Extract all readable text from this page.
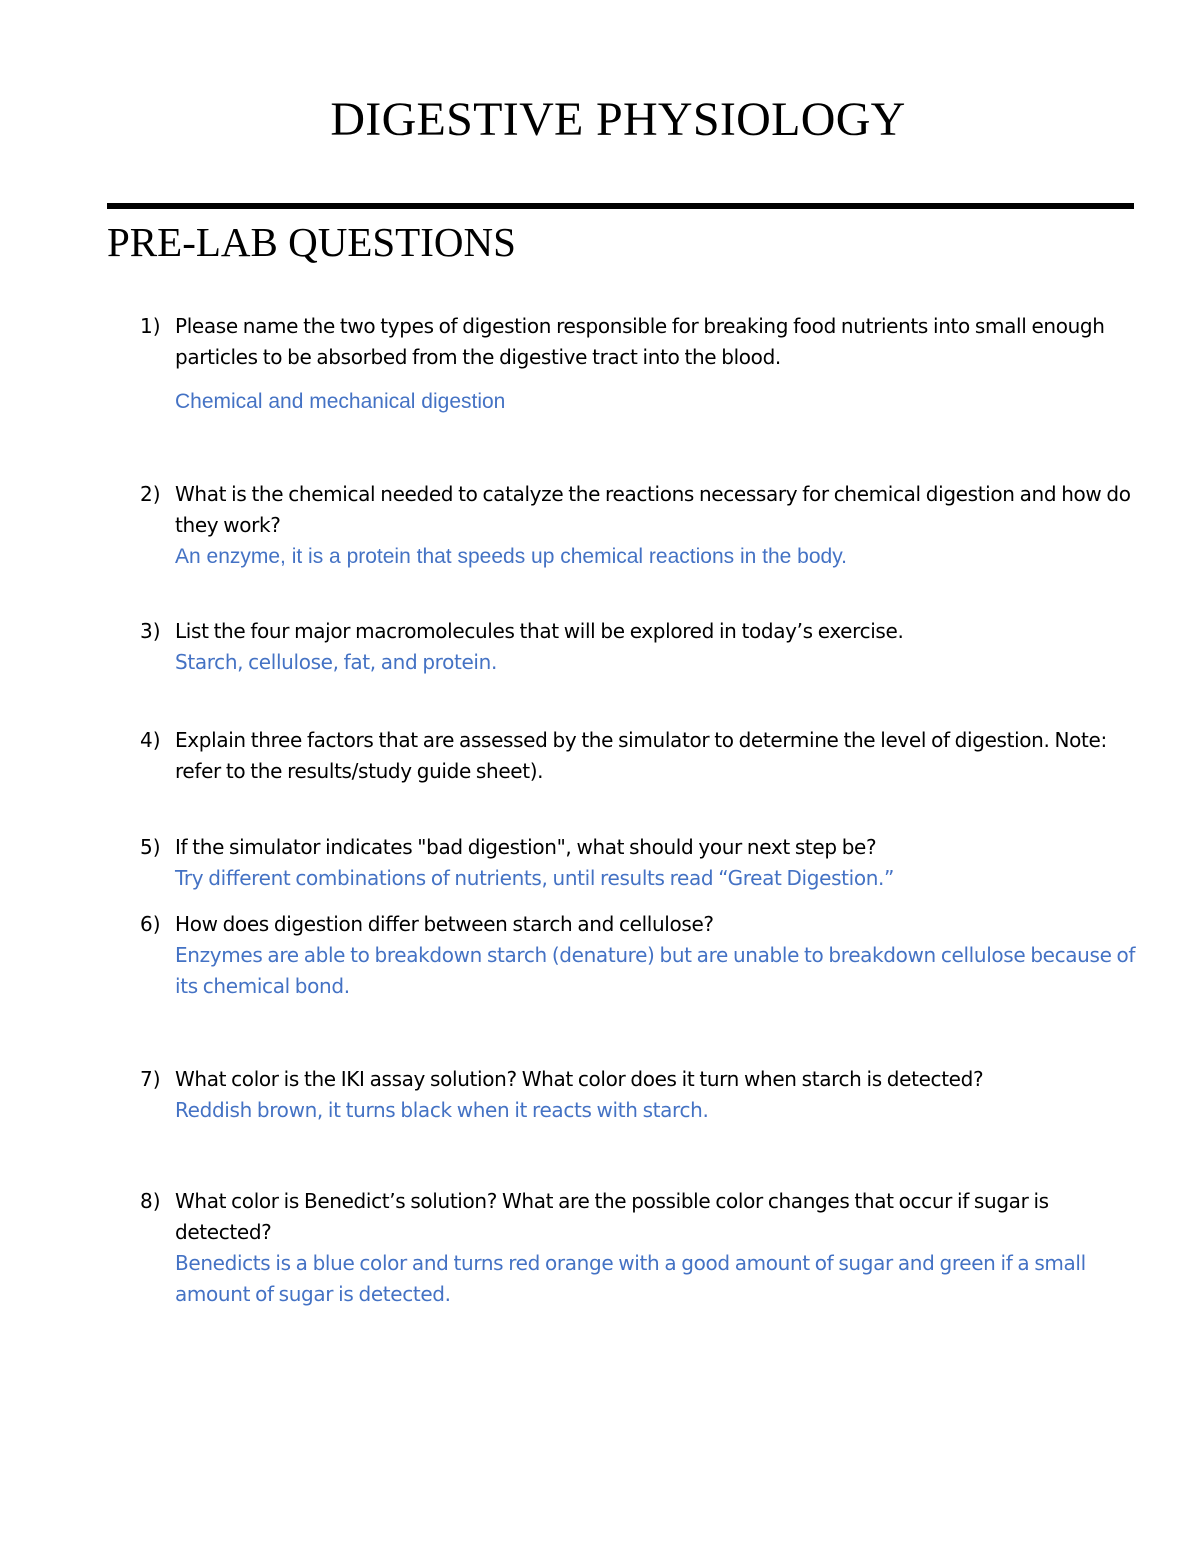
DIGESTIVE PHYSIOLOGY
PRE-LAB QUESTIONS
1) Please name the two types of digestion responsible for breaking food nutrients into small enough particles to be absorbed from the digestive tract into the blood.
Chemical and mechanical digestion
2) What is the chemical needed to catalyze the reactions necessary for chemical digestion and how do they work?
An enzyme, it is a protein that speeds up chemical reactions in the body.
3) List the four major macromolecules that will be explored in today’s exercise.
Starch, cellulose, fat, and protein.
4) Explain three factors that are assessed by the simulator to determine the level of digestion. Note: refer to the results/study guide sheet).
5) If the simulator indicates "bad digestion", what should your next step be?
Try different combinations of nutrients, until results read “Great Digestion.”
6) How does digestion differ between starch and cellulose?
Enzymes are able to breakdown starch (denature) but are unable to breakdown cellulose because of its chemical bond.
7) What color is the IKI assay solution? What color does it turn when starch is detected?
Reddish brown, it turns black when it reacts with starch.
8) What color is Benedict’s solution? What are the possible color changes that occur if sugar is detected?
Benedicts is a blue color and turns red orange with a good amount of sugar and green if a small amount of sugar is detected.
